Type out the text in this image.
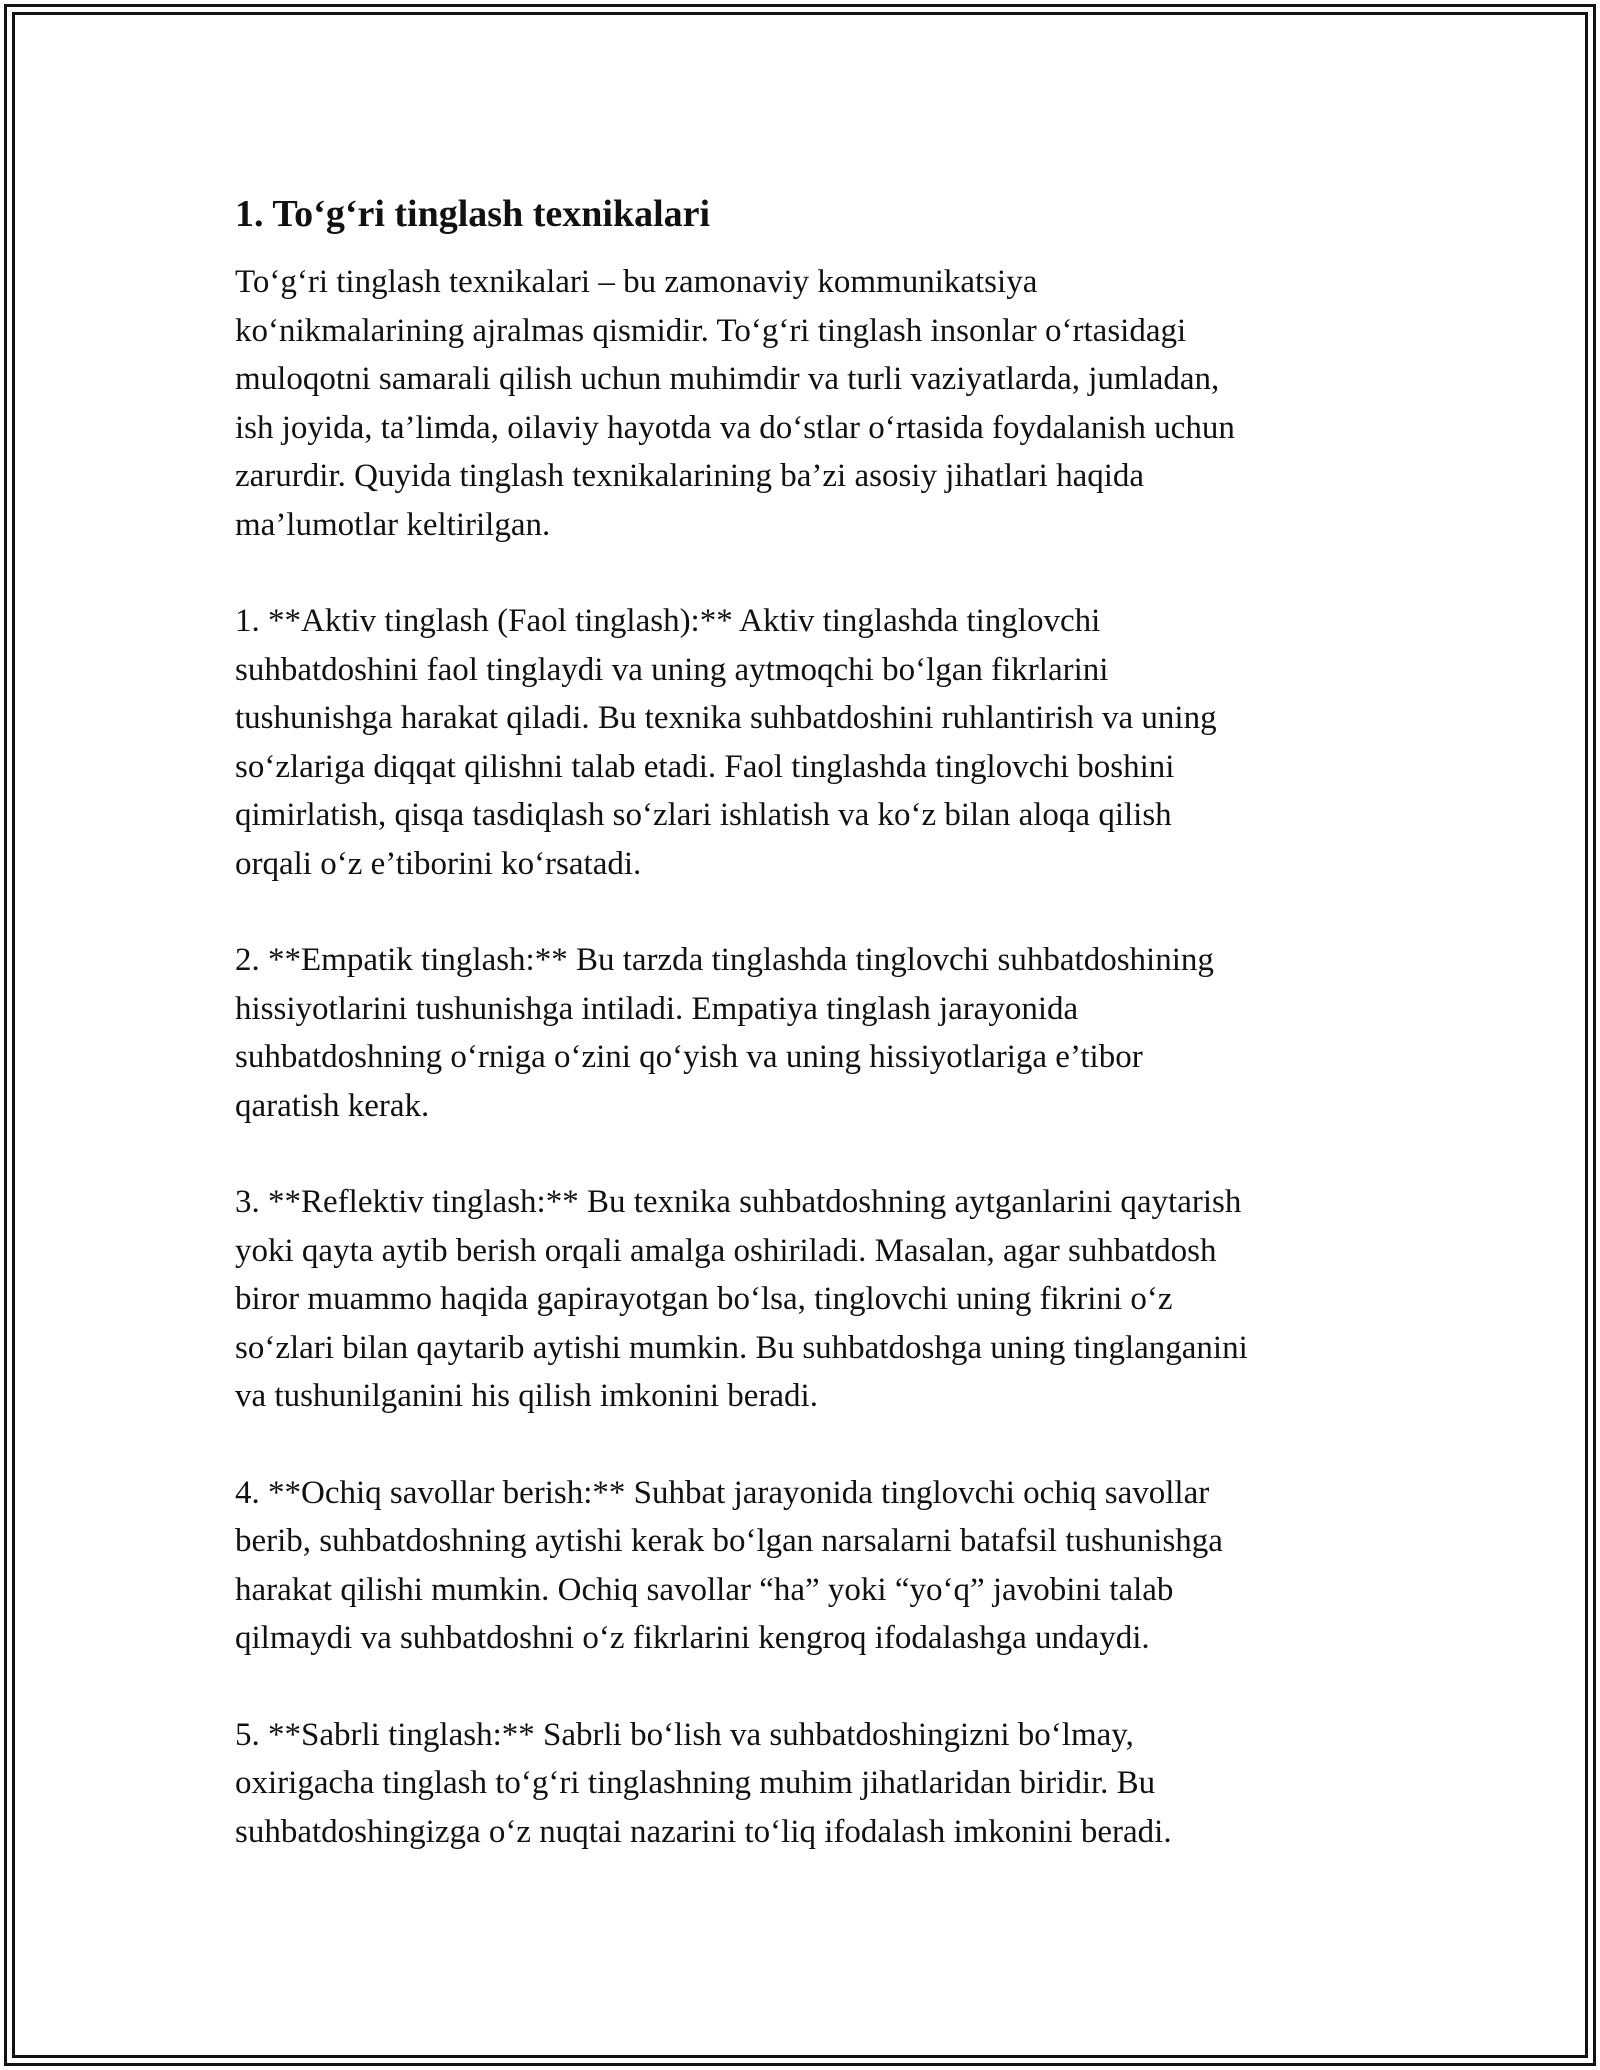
1. To‘g‘ri tinglash texnikalari

To‘g‘ri tinglash texnikalari – bu zamonaviy kommunikatsiya
ko‘nikmalarining ajralmas qismidir. To‘g‘ri tinglash insonlar o‘rtasidagi
muloqotni samarali qilish uchun muhimdir va turli vaziyatlarda, jumladan,
ish joyida, ta’limda, oilaviy hayotda va do‘stlar o‘rtasida foydalanish uchun
zarurdir. Quyida tinglash texnikalarining ba’zi asosiy jihatlari haqida
ma’lumotlar keltirilgan.

1. **Aktiv tinglash (Faol tinglash):** Aktiv tinglashda tinglovchi
suhbatdoshini faol tinglaydi va uning aytmoqchi bo‘lgan fikrlarini
tushunishga harakat qiladi. Bu texnika suhbatdoshini ruhlantirish va uning
so‘zlariga diqqat qilishni talab etadi. Faol tinglashda tinglovchi boshini
qimirlatish, qisqa tasdiqlash so‘zlari ishlatish va ko‘z bilan aloqa qilish
orqali o‘z e’tiborini ko‘rsatadi.

2. **Empatik tinglash:** Bu tarzda tinglashda tinglovchi suhbatdoshining
hissiyotlarini tushunishga intiladi. Empatiya tinglash jarayonida
suhbatdoshning o‘rniga o‘zini qo‘yish va uning hissiyotlariga e’tibor
qaratish kerak.

3. **Reflektiv tinglash:** Bu texnika suhbatdoshning aytganlarini qaytarish
yoki qayta aytib berish orqali amalga oshiriladi. Masalan, agar suhbatdosh
biror muammo haqida gapirayotgan bo‘lsa, tinglovchi uning fikrini o‘z
so‘zlari bilan qaytarib aytishi mumkin. Bu suhbatdoshga uning tinglanganini
va tushunilganini his qilish imkonini beradi.

4. **Ochiq savollar berish:** Suhbat jarayonida tinglovchi ochiq savollar
berib, suhbatdoshning aytishi kerak bo‘lgan narsalarni batafsil tushunishga
harakat qilishi mumkin. Ochiq savollar “ha” yoki “yo‘q” javobini talab
qilmaydi va suhbatdoshni o‘z fikrlarini kengroq ifodalashga undaydi.

5. **Sabrli tinglash:** Sabrli bo‘lish va suhbatdoshingizni bo‘lmay,
oxirigacha tinglash to‘g‘ri tinglashning muhim jihatlaridan biridir. Bu
suhbatdoshingizga o‘z nuqtai nazarini to‘liq ifodalash imkonini beradi.
